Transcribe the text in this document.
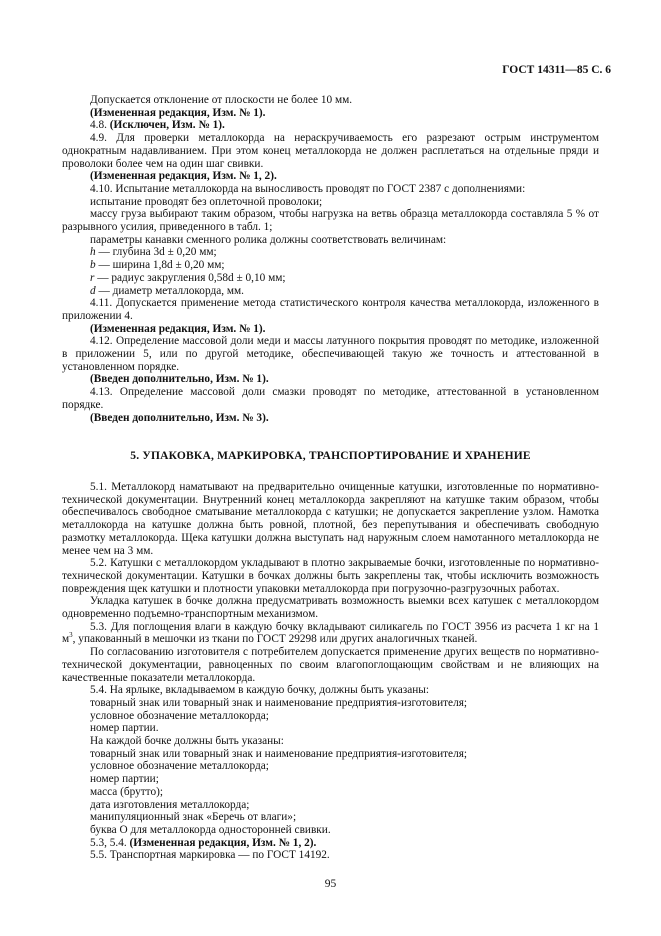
ГОСТ 14311—85 С. 6

Допускается отклонение от плоскости не более 10 мм.

(Измененная редакция, Изм. № 1).

4.8. (Исключен, Изм. № 1).

4.9. Для проверки металлокорда на нераскручиваемость его разрезают острым инструментом однократным надавливанием. При этом конец металлокорда не должен расплетаться на отдельные пряди и проволоки более чем на один шаг свивки.

(Измененная редакция, Изм. № 1, 2).

4.10. Испытание металлокорда на выносливость проводят по ГОСТ 2387 с дополнениями:

испытание проводят без оплеточной проволоки;

массу груза выбирают таким образом, чтобы нагрузка на ветвь образца металлокорда составляла 5 % от разрывного усилия, приведенного в табл. 1;

параметры канавки сменного ролика должны соответствовать величинам:

h — глубина 3d ± 0,20 мм;

b — ширина 1,8d ± 0,20 мм;

r — радиус закругления 0,58d ± 0,10 мм;

d — диаметр металлокорда, мм.

4.11. Допускается применение метода статистического контроля качества металлокорда, изложенного в приложении 4.

(Измененная редакция, Изм. № 1).

4.12. Определение массовой доли меди и массы латунного покрытия проводят по методике, изложенной в приложении 5, или по другой методике, обеспечивающей такую же точность и аттестованной в установленном порядке.

(Введен дополнительно, Изм. № 1).

4.13. Определение массовой доли смазки проводят по методике, аттестованной в установленном порядке.

(Введен дополнительно, Изм. № 3).

5. УПАКОВКА, МАРКИРОВКА, ТРАНСПОРТИРОВАНИЕ И ХРАНЕНИЕ

5.1. Металлокорд наматывают на предварительно очищенные катушки, изготовленные по нормативно-технической документации. Внутренний конец металлокорда закрепляют на катушке таким образом, чтобы обеспечивалось свободное сматывание металлокорда с катушки; не допускается закрепление узлом. Намотка металлокорда на катушке должна быть ровной, плотной, без перепутывания и обеспечивать свободную размотку металлокорда. Щека катушки должна выступать над наружным слоем намотанного металлокорда не менее чем на 3 мм.

5.2. Катушки с металлокордом укладывают в плотно закрываемые бочки, изготовленные по нормативно-технической документации. Катушки в бочках должны быть закреплены так, чтобы исключить возможность повреждения щек катушки и плотности упаковки металлокорда при погрузочно-разгрузочных работах.

Укладка катушек в бочке должна предусматривать возможность выемки всех катушек с металлокордом одновременно подъемно-транспортным механизмом.

5.3. Для поглощения влаги в каждую бочку вкладывают силикагель по ГОСТ 3956 из расчета 1 кг на 1 $м^3$, упакованный в мешочки из ткани по ГОСТ 29298 или других аналогичных тканей.

По согласованию изготовителя с потребителем допускается применение других веществ по нормативно-технической документации, равноценных по своим влагопоглощающим свойствам и не влияющих на качественные показатели металлокорда.

5.4. На ярлыке, вкладываемом в каждую бочку, должны быть указаны:

товарный знак или товарный знак и наименование предприятия-изготовителя;

условное обозначение металлокорда;

номер партии.

На каждой бочке должны быть указаны:

товарный знак или товарный знак и наименование предприятия-изготовителя;

условное обозначение металлокорда;

номер партии;

масса (брутто);

дата изготовления металлокорда;

манипуляционный знак «Беречь от влаги»;

буква О для металлокорда односторонней свивки.

5.3, 5.4. (Измененная редакция, Изм. № 1, 2).

5.5. Транспортная маркировка — по ГОСТ 14192.

95
